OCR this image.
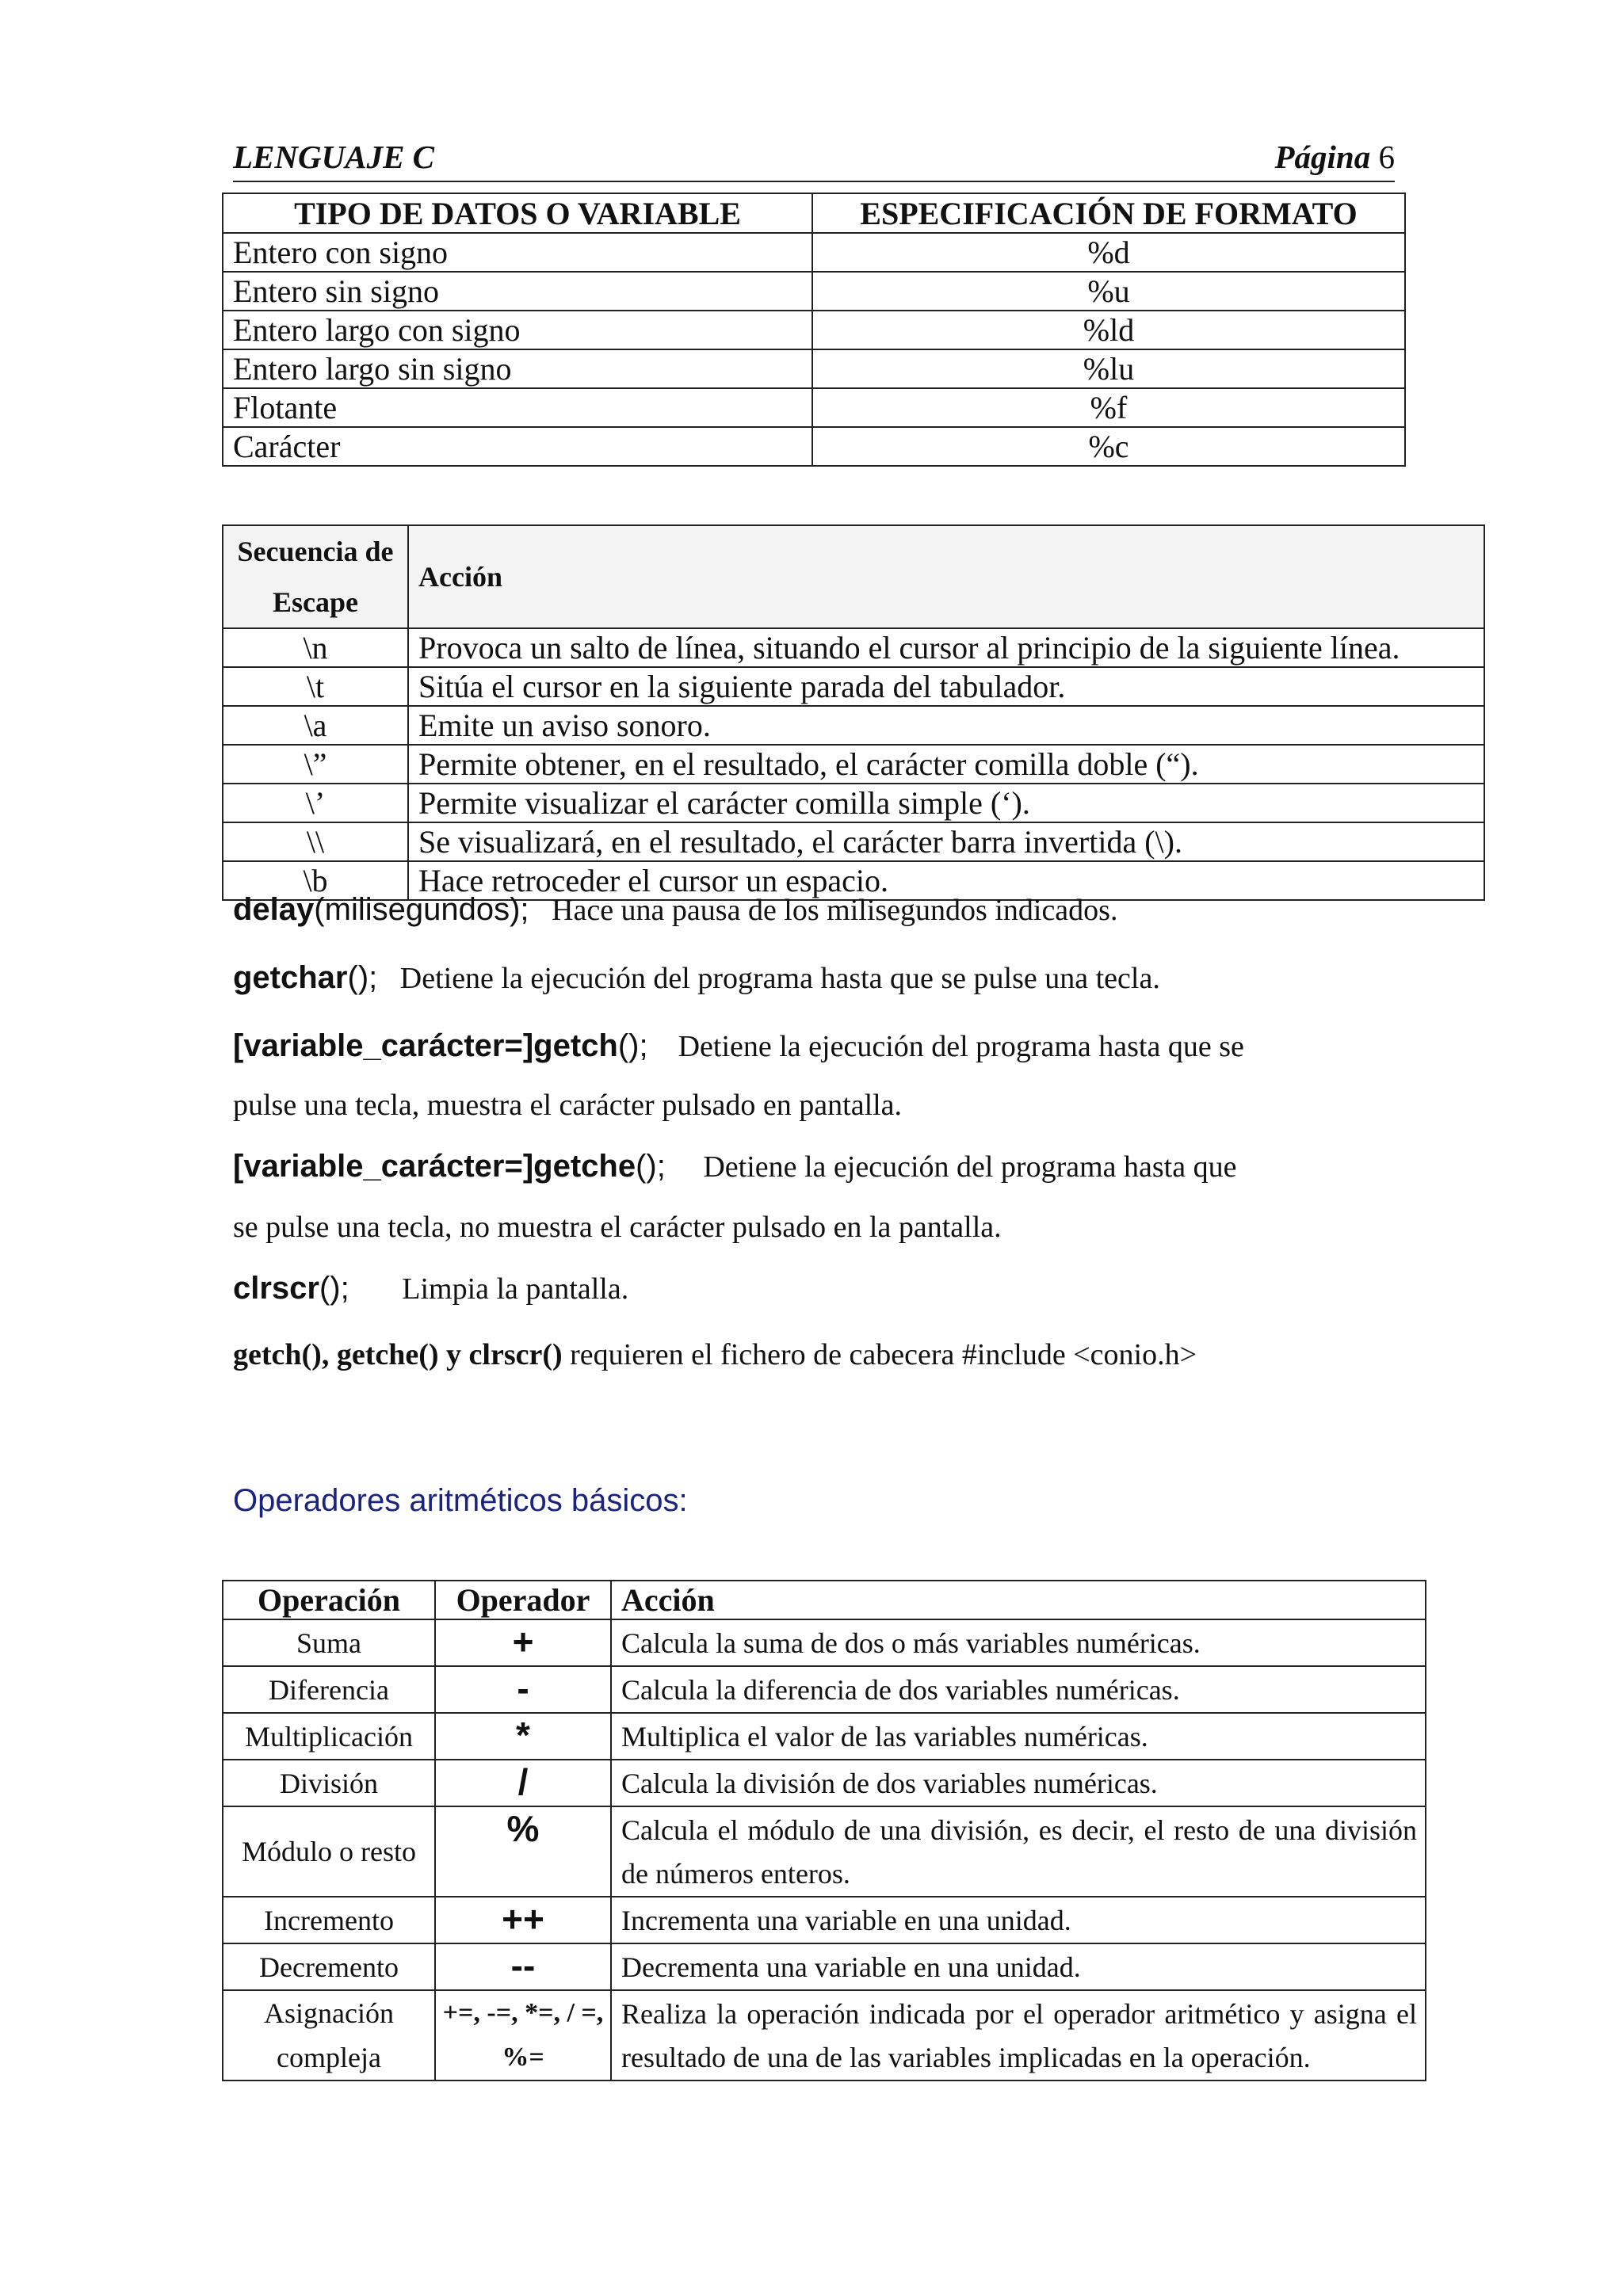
LENGUAJE C	Página 6
TIPO DE DATOS O VARIABLE	ESPECIFICACIÓN DE FORMATO
Entero con signo	%d
Entero sin signo	%u
Entero largo con signo	%ld
Entero largo sin signo	%lu
Flotante	%f
Carácter	%c
Secuencia de
Escape	Acción
\n	Provoca un salto de línea, situando el cursor al principio de la siguiente línea.
\t	Sitúa el cursor en la siguiente parada del tabulador.
\a	Emite un aviso sonoro.
\”	Permite obtener, en el resultado, el carácter comilla doble (“).
\’	Permite visualizar el carácter comilla simple (‘).
\\	Se visualizará, en el resultado, el carácter barra invertida (\).
\b	Hace retroceder el cursor un espacio.
delay(milisegundos); Hace una pausa de los milisegundos indicados.
getchar(); Detiene la ejecución del programa hasta que se pulse una tecla.
[variable_carácter=]getch(); Detiene la ejecución del programa hasta que se
pulse una tecla, muestra el carácter pulsado en pantalla.
[variable_carácter=]getche(); Detiene la ejecución del programa hasta que
se pulse una tecla, no muestra el carácter pulsado en la pantalla.
clrscr(); Limpia la pantalla.
getch(), getche() y clrscr() requieren el fichero de cabecera #include <conio.h>
Operadores aritméticos básicos:
Operación	Operador	Acción
Suma	+	Calcula la suma de dos o más variables numéricas.
Diferencia	-	Calcula la diferencia de dos variables numéricas.
Multiplicación	*	Multiplica el valor de las variables numéricas.
División	/	Calcula la división de dos variables numéricas.
Módulo o resto	%	Calcula el módulo de una división, es decir, el resto de una división de números enteros.
Incremento	++	Incrementa una variable en una unidad.
Decremento	--	Decrementa una variable en una unidad.
Asignación compleja	+=, -=, *=, / =, %=	Realiza la operación indicada por el operador aritmético y asigna el resultado de una de las variables implicadas en la operación.
